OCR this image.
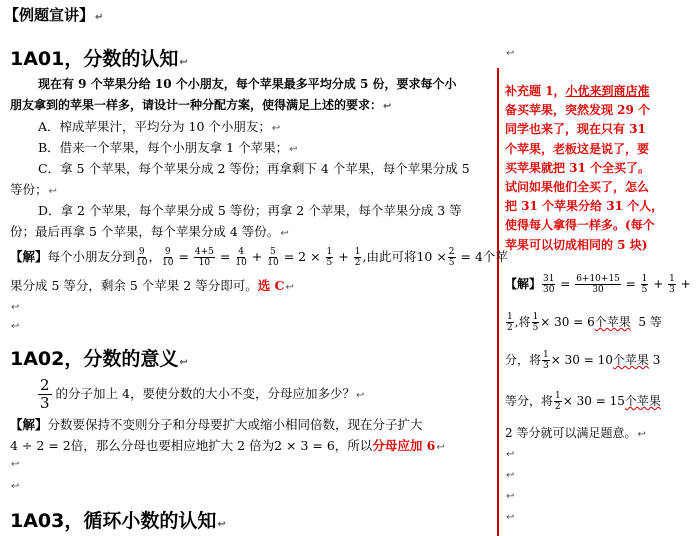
【例题宣讲】↵
1A01，分数的认知↩
↩
现在有 9 个苹果分给 10 个小朋友，每个苹果最多平均分成 5 份，要求每个小
朋友拿到的苹果一样多，请设计一种分配方案，使得满足上述的要求：↩
A．榨成苹果汁，平均分为 10 个小朋友；↩
B．借来一个苹果，每个小朋友拿 1 个苹果；↩
C．拿 5 个苹果，每个苹果分成 2 等份；再拿剩下 4 个苹果，每个苹果分成 5
等份；↩
D．拿 2 个苹果，每个苹果分成 5 等份；再拿 2 个苹果，每个苹果分成 3 等
份；最后再拿 5 个苹果，每个苹果分成 4 等份。↩
【解】每个小朋友分到 $\frac{9}{10}$ ， $\frac{9}{10} = \frac{4+5}{10} = \frac{4}{10} + \frac{5}{10} = 2 \times \frac{1}{5} + \frac{1}{2}$ ,由此可将$10 \times \frac{2}{5} = 4$个苹
果分成 5 等分，剩余 5 个苹果 2 等分即可。选 C↩
↩
↩
1A02，分数的意义↩
$\frac{2}{3}$ 的分子加上 4，要使分数的大小不变，分母应加多少？↩
【解】分数要保持不变则分子和分母要扩大或缩小相同倍数，现在分子扩大
4 ÷ 2 = 2倍，那么分母也要相应地扩大 2 倍为2 × 3 = 6，所以分母应加 6↩
↩
↩
1A03，循环小数的认知↩
补充题 1，小优来到商店准
备买苹果，突然发现 29 个
同学也来了，现在只有 31
个苹果，老板这是说了，要
买苹果就把 31 个全买了。
试问如果他们全买了，怎么
把 31 个苹果分给 31 个人，
使得每人拿得一样多。(每个
苹果可以切成相同的 5 块)
【解】 $\frac{31}{30} = \frac{6+10+15}{30} = \frac{1}{5} + \frac{1}{3}$ +
$\frac{1}{2}$ ,将 $\frac{1}{5} \times 30 = 6$个苹果 5 等
分，将 $\frac{1}{3} \times 30 = 10$个苹果 3
等分，将 $\frac{1}{2} \times 30 = 15$个苹果
2 等分就可以满足题意。↩
↩
↩
↩
↩
